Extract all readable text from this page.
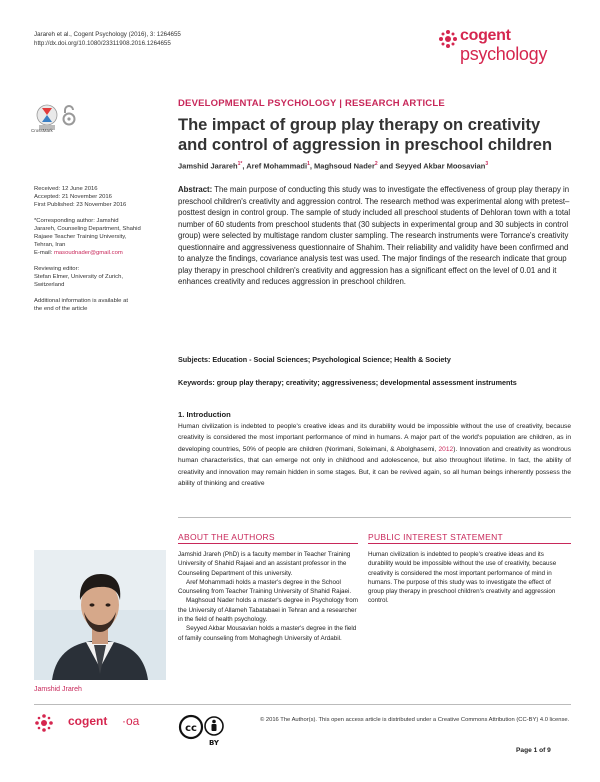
Jarareh et al., Cogent Psychology (2016), 3: 1264655
http://dx.doi.org/10.1080/23311908.2016.1264655	cogent
psychology
CrossMark
DEVELOPMENTAL PSYCHOLOGY | RESEARCH ARTICLE
The impact of group play therapy on creativity and control of aggression in preschool children
Jamshid Jarareh$^{1*}$, Aref Mohammadi$^1$, Maghsoud Nader$^2$ and Seyyed Akbar Moosavian$^3$
Received: 12 June 2016
Accepted: 21 November 2016
First Published: 23 November 2016
*Corresponding author: Jamshid
Jarareh, Counseling Department, Shahid
Rajaee Teacher Training University,
Tehran, Iran
E-mail: masoudnader@gmail.com
Reviewing editor:
Stefan Elmer, University of Zurich,
Switzerland
Additional information is available at
the end of the article
Abstract: The main purpose of conducting this study was to investigate the effectiveness of group play therapy in preschool children's creativity and aggression control. The research method was experimental along with pretest–posttest design in control group. The sample of study included all preschool students of Dehloran town with a total number of 60 students from preschool students that (30 subjects in experimental group and 30 subjects in control group) were selected by multistage random cluster sampling. The research instruments were Torrance's creativity questionnaire and aggressiveness questionnaire of Shahim. Their reliability and validity have been confirmed and to analyze the findings, covariance analysis test was used. The major findings of the research indicate that group play therapy in preschool children's creativity and aggression has a significant effect on the level of 0.01 and it enhances creativity and reduces aggression in preschool children.
Subjects: Education - Social Sciences; Psychological Science; Health & Society
Keywords: group play therapy; creativity; aggressiveness; developmental assessment instruments
1. Introduction
Human civilization is indebted to people's creative ideas and its durability would be impossible without the use of creativity, because creativity is considered the most important performance of mind in humans. A major part of the world's population are children, as in developing countries, 50% of people are children (Norimani, Soleimani, & Abolghasemi, 2012). Innovation and creativity as wondrous human characteristics, that can emerge not only in childhood and adolescence, but also throughout lifetime. In fact, the ability of creativity and innovation may remain hidden in some stages. But, it can be revived again, so all human beings inherently possess the ability of thinking and creative
ABOUT THE AUTHORS	PUBLIC INTEREST STATEMENT
Jamshid Jrareh

Jamshid Jrareh (PhD) is a faculty member in Teacher Training University of Shahid Rajaei and an assistant professor in the Counseling Department of this university.

Aref Mohammadi holds a master's degree in the School Counseling from Teacher Training University of Shahid Rajaei.

Maghsoud Nader holds a master's degree in Psychology from the University of Allameh Tabatabaei in Tehran and a researcher in the field of health psychology.

Seyyed Akbar Mousavian holds a master's degree in the field of family counseling from Mohaghegh University of Ardabil.

Human civilization is indebted to people's creative ideas and its durability would be impossible without the use of creativity, because creativity is considered the most important performance of mind in humans. The purpose of this study was to investigate the effect of group play therapy in preschool children's creativity and aggression control.
cogent ·oa
cc
BY
© 2016 The Author(s). This open access article is distributed under a Creative Commons Attribution (CC-BY) 4.0 license.
Page 1 of 9
